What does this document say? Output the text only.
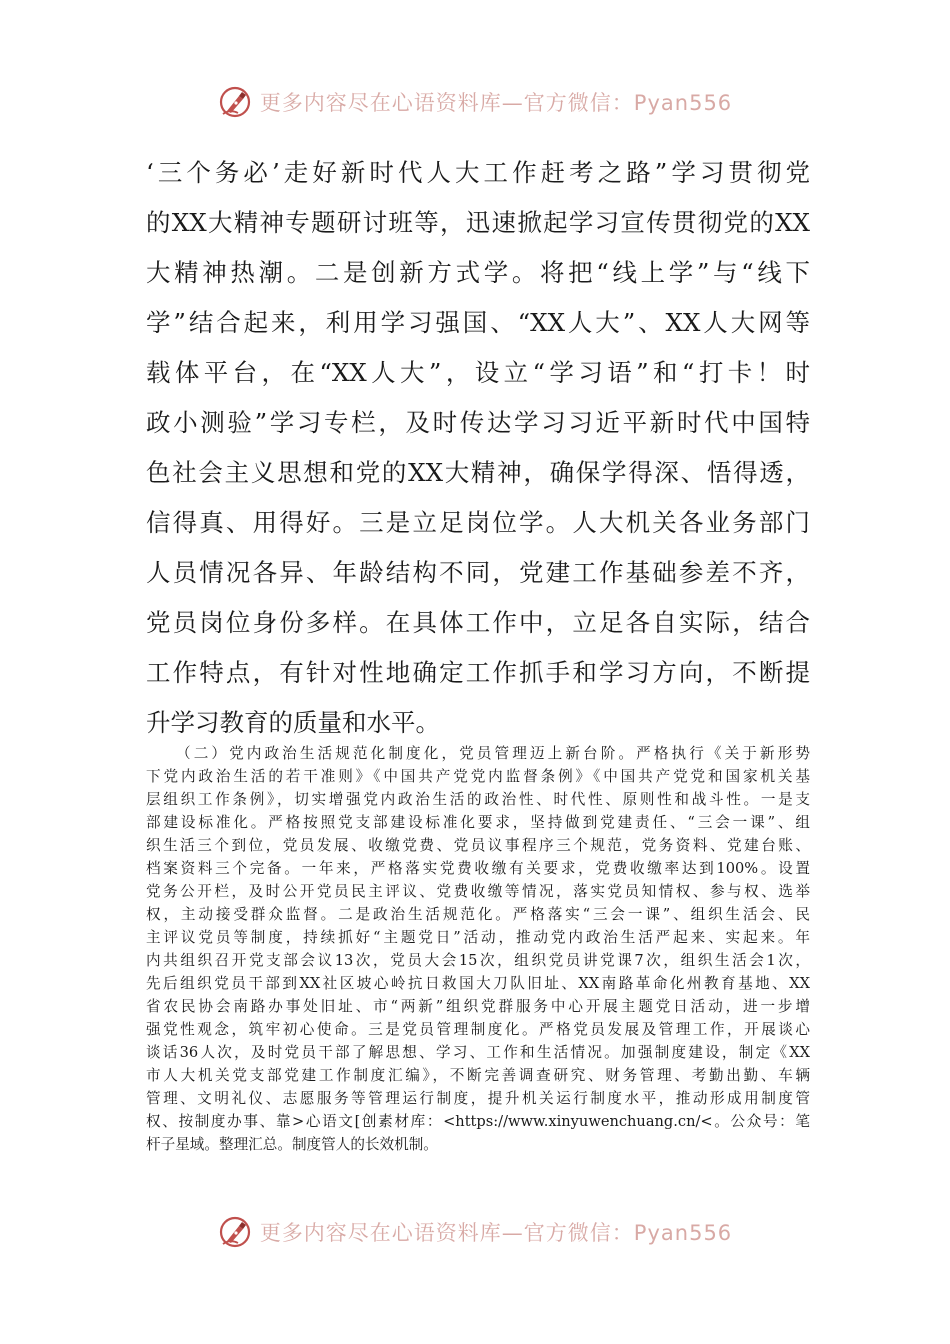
更多内容尽在心语资料库—官方微信：Pyan556
‘三个务必’走好新时代人大工作赶考之路”学习贯彻党
的XX大精神专题研讨班等，迅速掀起学习宣传贯彻党的XX
大精神热潮。二是创新方式学。将把“线上学”与“线下
学”结合起来，利用学习强国、“XX人大”、XX人大网等
载体平台，在“XX人大”，设立“学习语”和“打卡！时
政小测验”学习专栏，及时传达学习习近平新时代中国特
色社会主义思想和党的XX大精神，确保学得深、悟得透，
信得真、用得好。三是立足岗位学。人大机关各业务部门
人员情况各异、年龄结构不同，党建工作基础参差不齐，
党员岗位身份多样。在具体工作中，立足各自实际，结合
工作特点，有针对性地确定工作抓手和学习方向，不断提
升学习教育的质量和水平。
（二）党内政治生活规范化制度化，党员管理迈上新台阶。严格执行《关于新形势
下党内政治生活的若干准则》《中国共产党党内监督条例》《中国共产党党和国家机关基
层组织工作条例》，切实增强党内政治生活的政治性、时代性、原则性和战斗性。一是支
部建设标准化。严格按照党支部建设标准化要求，坚持做到党建责任、“三会一课”、组
织生活三个到位，党员发展、收缴党费、党员议事程序三个规范，党务资料、党建台账、
档案资料三个完备。一年来，严格落实党费收缴有关要求，党费收缴率达到100%。设置
党务公开栏，及时公开党员民主评议、党费收缴等情况，落实党员知情权、参与权、选举
权，主动接受群众监督。二是政治生活规范化。严格落实“三会一课”、组织生活会、民
主评议党员等制度，持续抓好“主题党日”活动，推动党内政治生活严起来、实起来。年
内共组织召开党支部会议13次，党员大会15次，组织党员讲党课7次，组织生活会1次，
先后组织党员干部到XX社区坡心岭抗日救国大刀队旧址、XX南路革命化州教育基地、XX
省农民协会南路办事处旧址、市“两新”组织党群服务中心开展主题党日活动，进一步增
强党性观念，筑牢初心使命。三是党员管理制度化。严格党员发展及管理工作，开展谈心
谈话36人次，及时党员干部了解思想、学习、工作和生活情况。加强制度建设，制定《XX
市人大机关党支部党建工作制度汇编》，不断完善调查研究、财务管理、考勤出勤、车辆
管理、文明礼仪、志愿服务等管理运行制度，提升机关运行制度水平，推动形成用制度管
权、按制度办事、靠>心语文[创素材库：<https://www.xinyuwenchuang.cn/<。公众号：笔
杆子星域。整理汇总。制度管人的长效机制。
更多内容尽在心语资料库—官方微信：Pyan556
